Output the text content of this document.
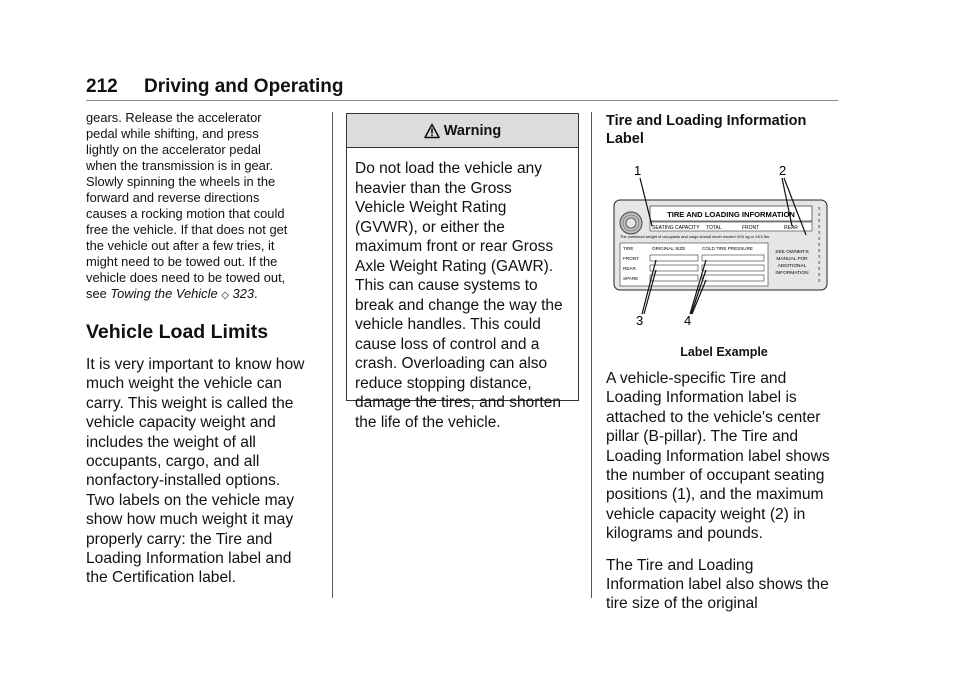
212 Driving and Operating

gears. Release the accelerator
pedal while shifting, and press
lightly on the accelerator pedal
when the transmission is in gear.
Slowly spinning the wheels in the
forward and reverse directions
causes a rocking motion that could
free the vehicle. If that does not get
the vehicle out after a few tries, it
might need to be towed out. If the
vehicle does need to be towed out,
see Towing the Vehicle ◇ 323.

Vehicle Load Limits

It is very important to know how
much weight the vehicle can
carry. This weight is called the
vehicle capacity weight and
includes the weight of all
occupants, cargo, and all
nonfactory-installed options.
Two labels on the vehicle may
show how much weight it may
properly carry: the Tire and
Loading Information label and
the Certification label.

Warning
Do not load the vehicle any
heavier than the Gross
Vehicle Weight Rating
(GVWR), or either the
maximum front or rear Gross
Axle Weight Rating (GAWR).
This can cause systems to
break and change the way the
vehicle handles. This could
cause loss of control and a
crash. Overloading can also
reduce stopping distance,
damage the tires, and shorten
the life of the vehicle.

Tire and Loading Information
Label

1	2
3	4
TIRE AND LOADING INFORMATION
SEATING CAPACITY TOTAL	FRONT	REAR
The combined weight of occupants and cargo should never exceed XXX kg or XXX lbs.
TIRE	ORIGINAL SIZE	COLD TIRE PRESSURE
FRONT
REAR
SPARE
SEE OWNER'S
MANUAL FOR
ADDITIONAL
INFORMATION
x
x
x
x
x
x
x
x
x
x
x
x
x
Label Example

A vehicle-specific Tire and
Loading Information label is
attached to the vehicle's center
pillar (B-pillar). The Tire and
Loading Information label shows
the number of occupant seating
positions (1), and the maximum
vehicle capacity weight (2) in
kilograms and pounds.

The Tire and Loading
Information label also shows the
tire size of the original
